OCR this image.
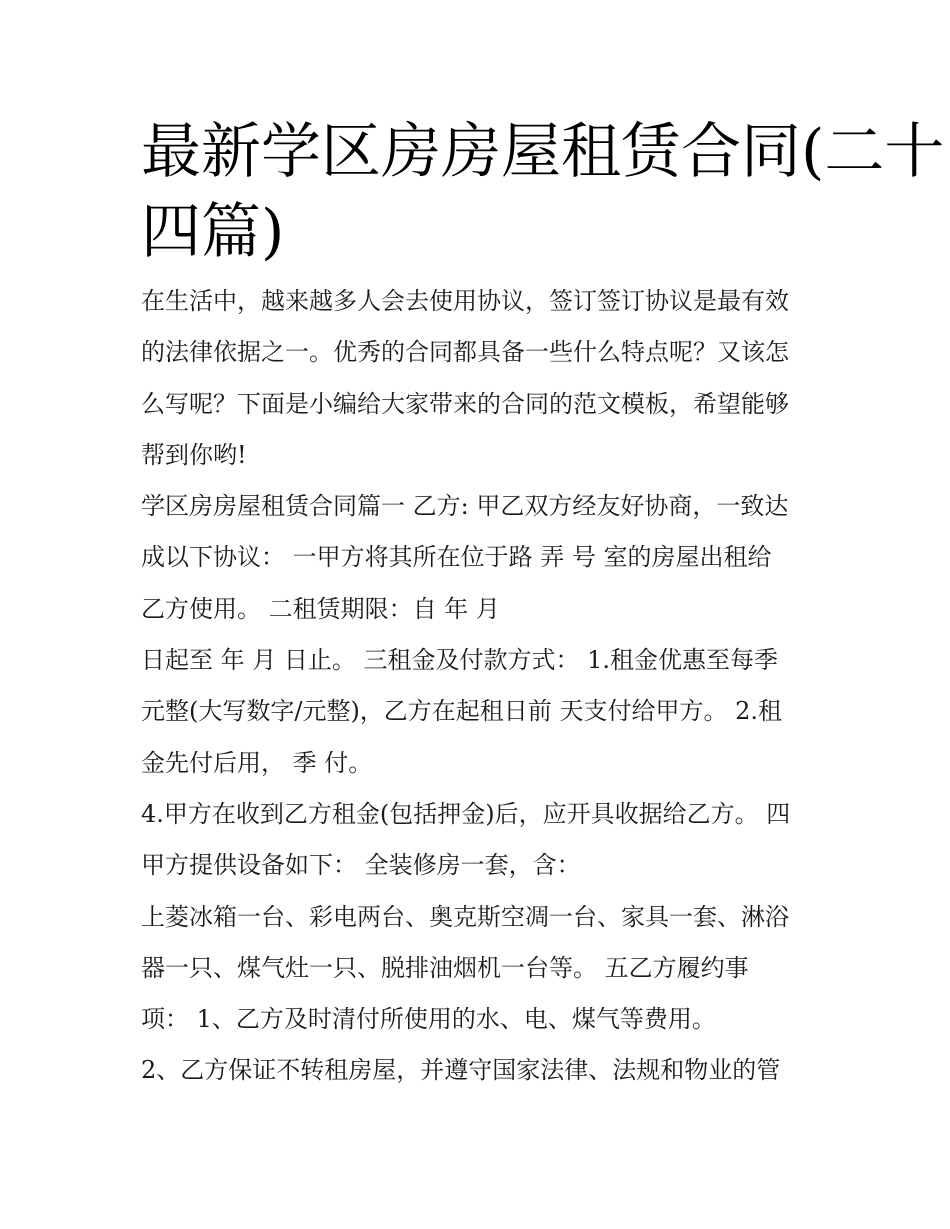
最新学区房房屋租赁合同(二十
四篇)
在生活中，越来越多人会去使用协议，签订签订协议是最有效
的法律依据之一。优秀的合同都具备一些什么特点呢？又该怎
么写呢？下面是小编给大家带来的合同的范文模板，希望能够
帮到你哟!
学区房房屋租赁合同篇一 乙方: 甲乙双方经友好协商，一致达
成以下协议： 一甲方将其所在位于路 弄 号 室的房屋出租给
乙方使用。 二租赁期限：自 年 月
日起至 年 月 日止。 三租金及付款方式： 1.租金优惠至每季
元整(大写数字/元整)，乙方在起租日前 天支付给甲方。 2.租
金先付后用， 季 付。
4.甲方在收到乙方租金(包括押金)后，应开具收据给乙方。 四
甲方提供设备如下： 全装修房一套，含：
上菱冰箱一台、彩电两台、奥克斯空凋一台、家具一套、淋浴
器一只、煤气灶一只、脱排油烟机一台等。 五乙方履约事
项： 1、乙方及时清付所使用的水、电、煤气等费用。
2、乙方保证不转租房屋，并遵守国家法律、法规和物业的管
